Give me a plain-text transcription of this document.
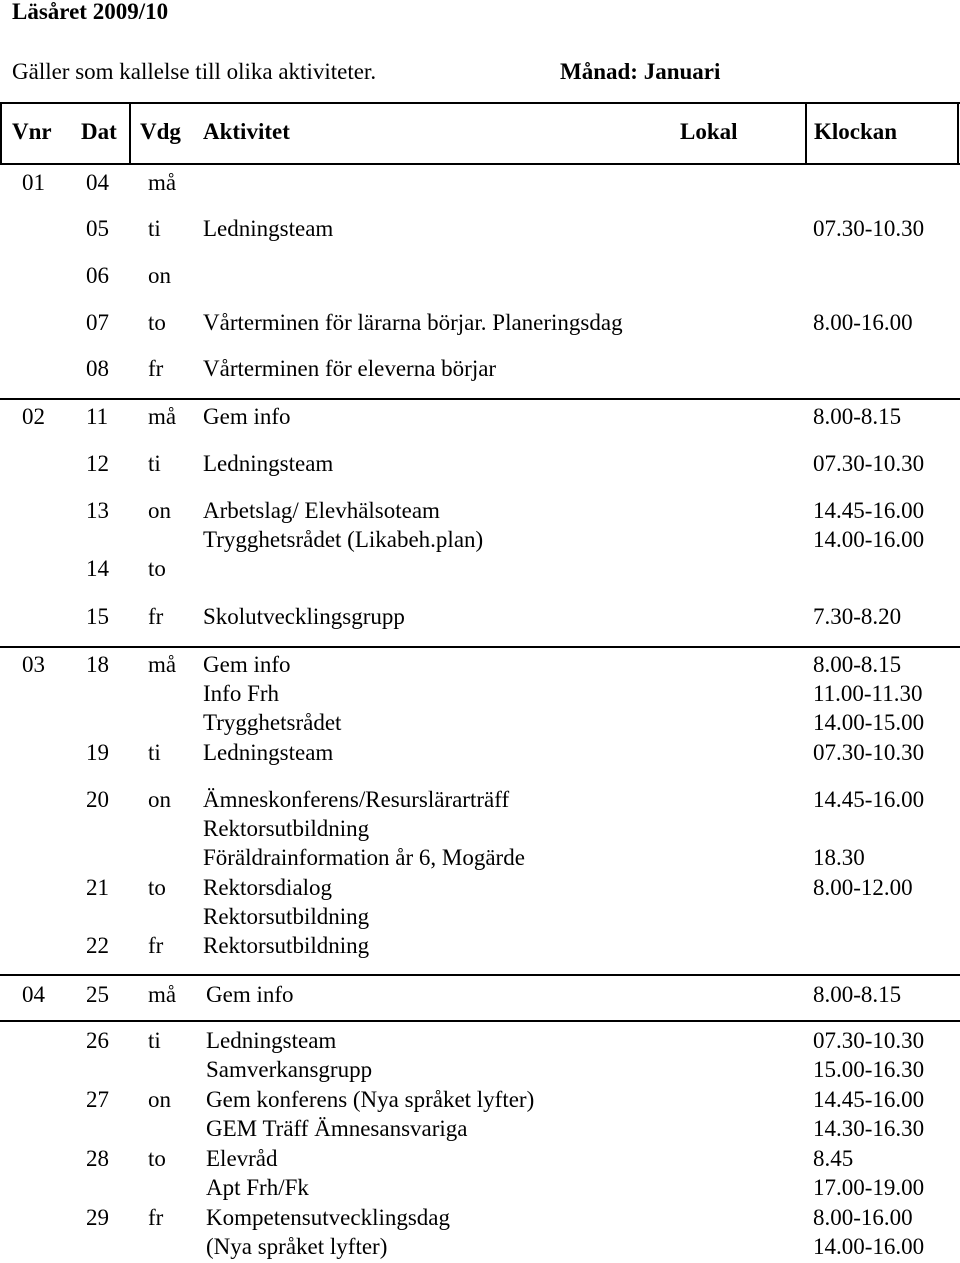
Läsåret 2009/10
Gäller som kallelse till olika aktiviteter.	Månad: Januari
Vnr Dat Vdg Aktivitet	Lokal	Klockan
01 04 må
05 ti Ledningsteam	07.30-10.30
06 on
07 to Vårterminen för lärarna börjar. Planeringsdag	8.00-16.00
08 fr Vårterminen för eleverna börjar
02 11 må Gem info	8.00-8.15
12 ti Ledningsteam	07.30-10.30
13 on Arbetslag/ Elevhälsoteam	14.45-16.00
Trygghetsrådet (Likabeh.plan)	14.00-16.00
14 to
15 fr Skolutvecklingsgrupp	7.30-8.20
03 18 må Gem info	8.00-8.15
Info Frh	11.00-11.30
Trygghetsrådet	14.00-15.00
19 ti Ledningsteam	07.30-10.30
20 on Ämneskonferens/Resurslärarträff	14.45-16.00
Rektorsutbildning
Föräldrainformation år 6, Mogärde	18.30
21 to Rektorsdialog	8.00-12.00
Rektorsutbildning
22 fr Rektorsutbildning
04 25 må Gem info	8.00-8.15
26 ti Ledningsteam	07.30-10.30
Samverkansgrupp	15.00-16.30
27 on Gem konferens (Nya språket lyfter)	14.45-16.00
GEM Träff Ämnesansvariga	14.30-16.30
28 to Elevråd	8.45
Apt Frh/Fk	17.00-19.00
29 fr Kompetensutvecklingsdag	8.00-16.00
(Nya språket lyfter)	14.00-16.00
